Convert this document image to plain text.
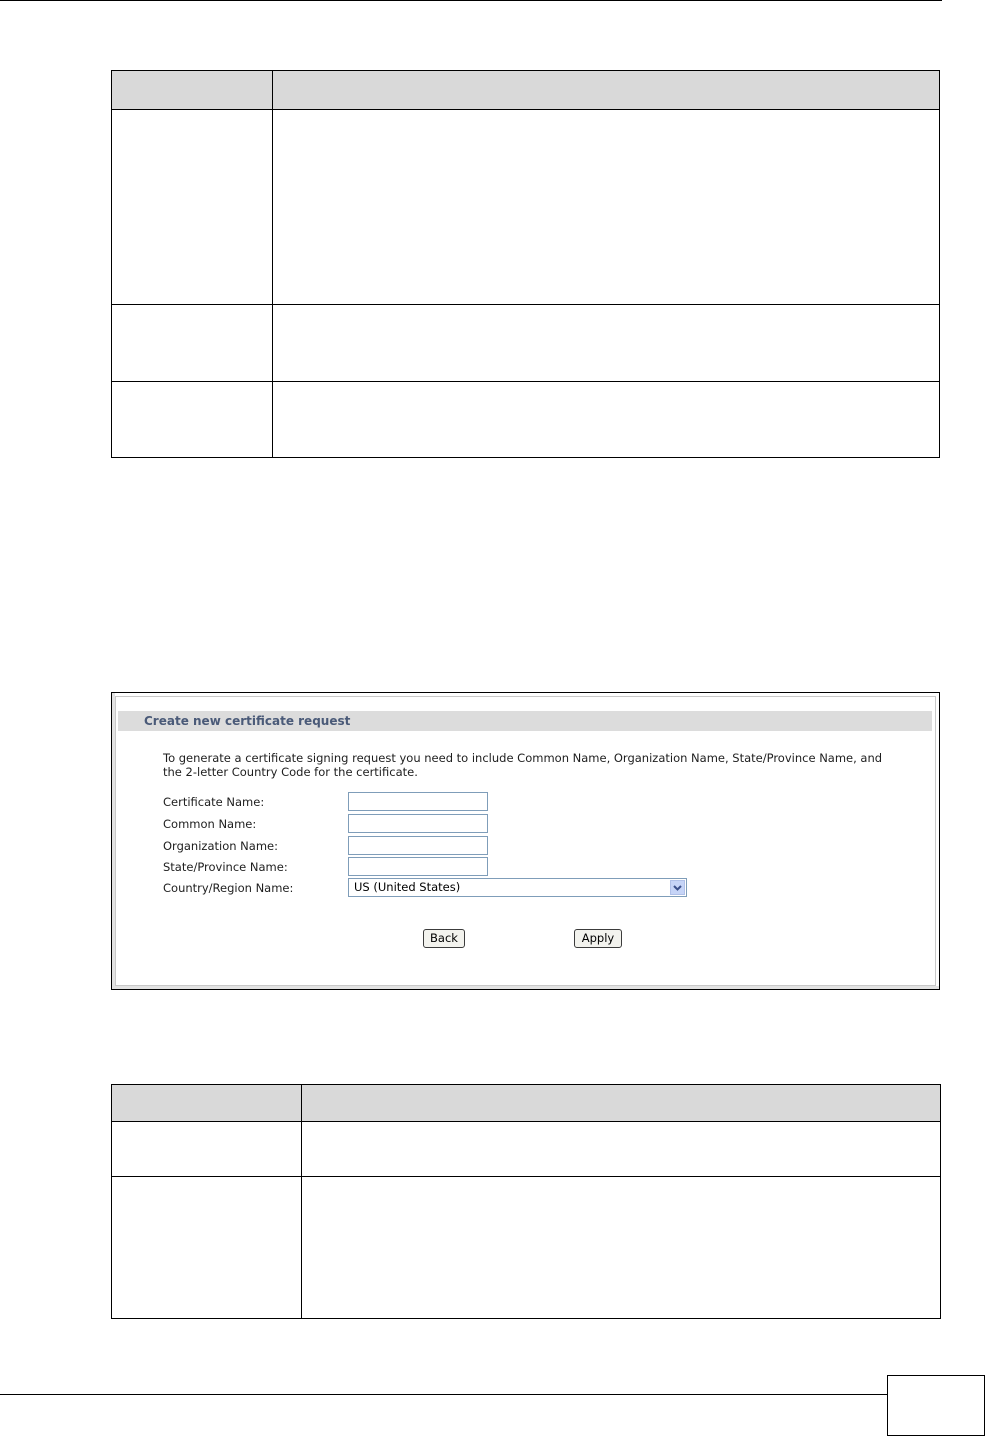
Create new certificate request
To generate a certificate signing request you need to include Common Name, Organization Name, State/Province Name, and the 2-letter Country Code for the certificate.
Certificate Name:
Common Name:
Organization Name:
State/Province Name:
Country/Region Name:	US (United States)
Back	Apply
